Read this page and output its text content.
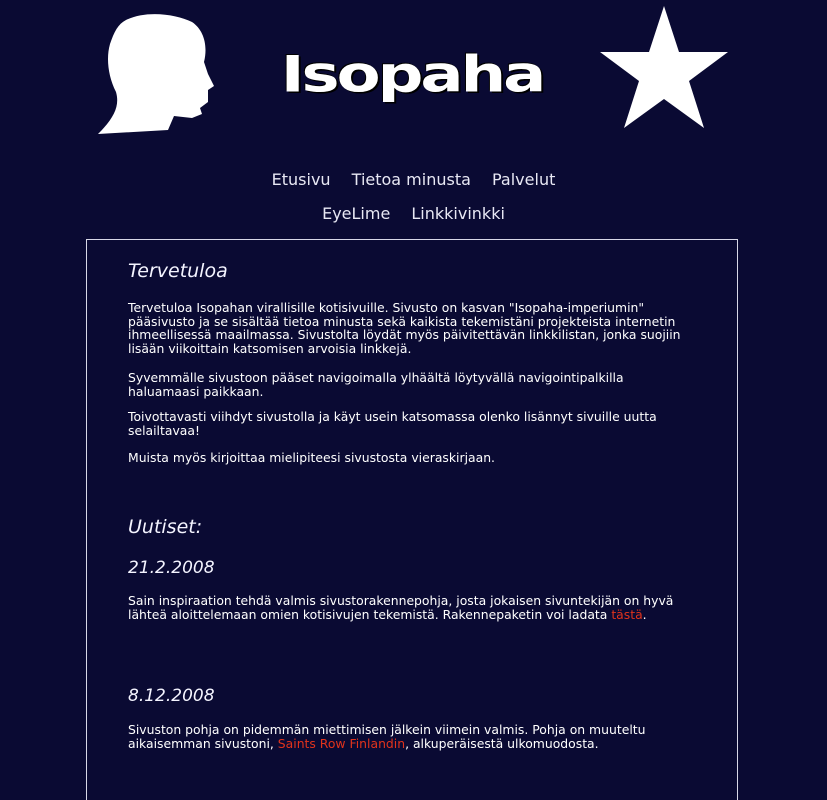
Isopaha
Etusivu Tietoa minusta Palvelut
EyeLime Linkkivinkki
Tervetuloa

Tervetuloa Isopahan virallisille kotisivuille. Sivusto on kasvan "Isopaha-imperiumin" pääsivusto ja se sisältää tietoa minusta sekä kaikista tekemistäni projekteista internetin ihmeellisessä maailmassa. Sivustolta löydät myös päivitettävän linkkilistan, jonka suojiin lisään viikoittain katsomisen arvoisia linkkejä.

Syvemmälle sivustoon pääset navigoimalla ylhäältä löytyvällä navigointipalkilla haluamaasi paikkaan.

Toivottavasti viihdyt sivustolla ja käyt usein katsomassa olenko lisännyt sivuille uutta selailtavaa!

Muista myös kirjoittaa mielipiteesi sivustosta vieraskirjaan.

Uutiset:
21.2.2008

Sain inspiraation tehdä valmis sivustorakennepohja, josta jokaisen sivuntekijän on hyvä lähteä aloittelemaan omien kotisivujen tekemistä. Rakennepaketin voi ladata tästä.

8.12.2008

Sivuston pohja on pidemmän miettimisen jälkein viimein valmis. Pohja on muuteltu aikaisemman sivustoni, Saints Row Finlandin, alkuperäisestä ulkomuodosta.
